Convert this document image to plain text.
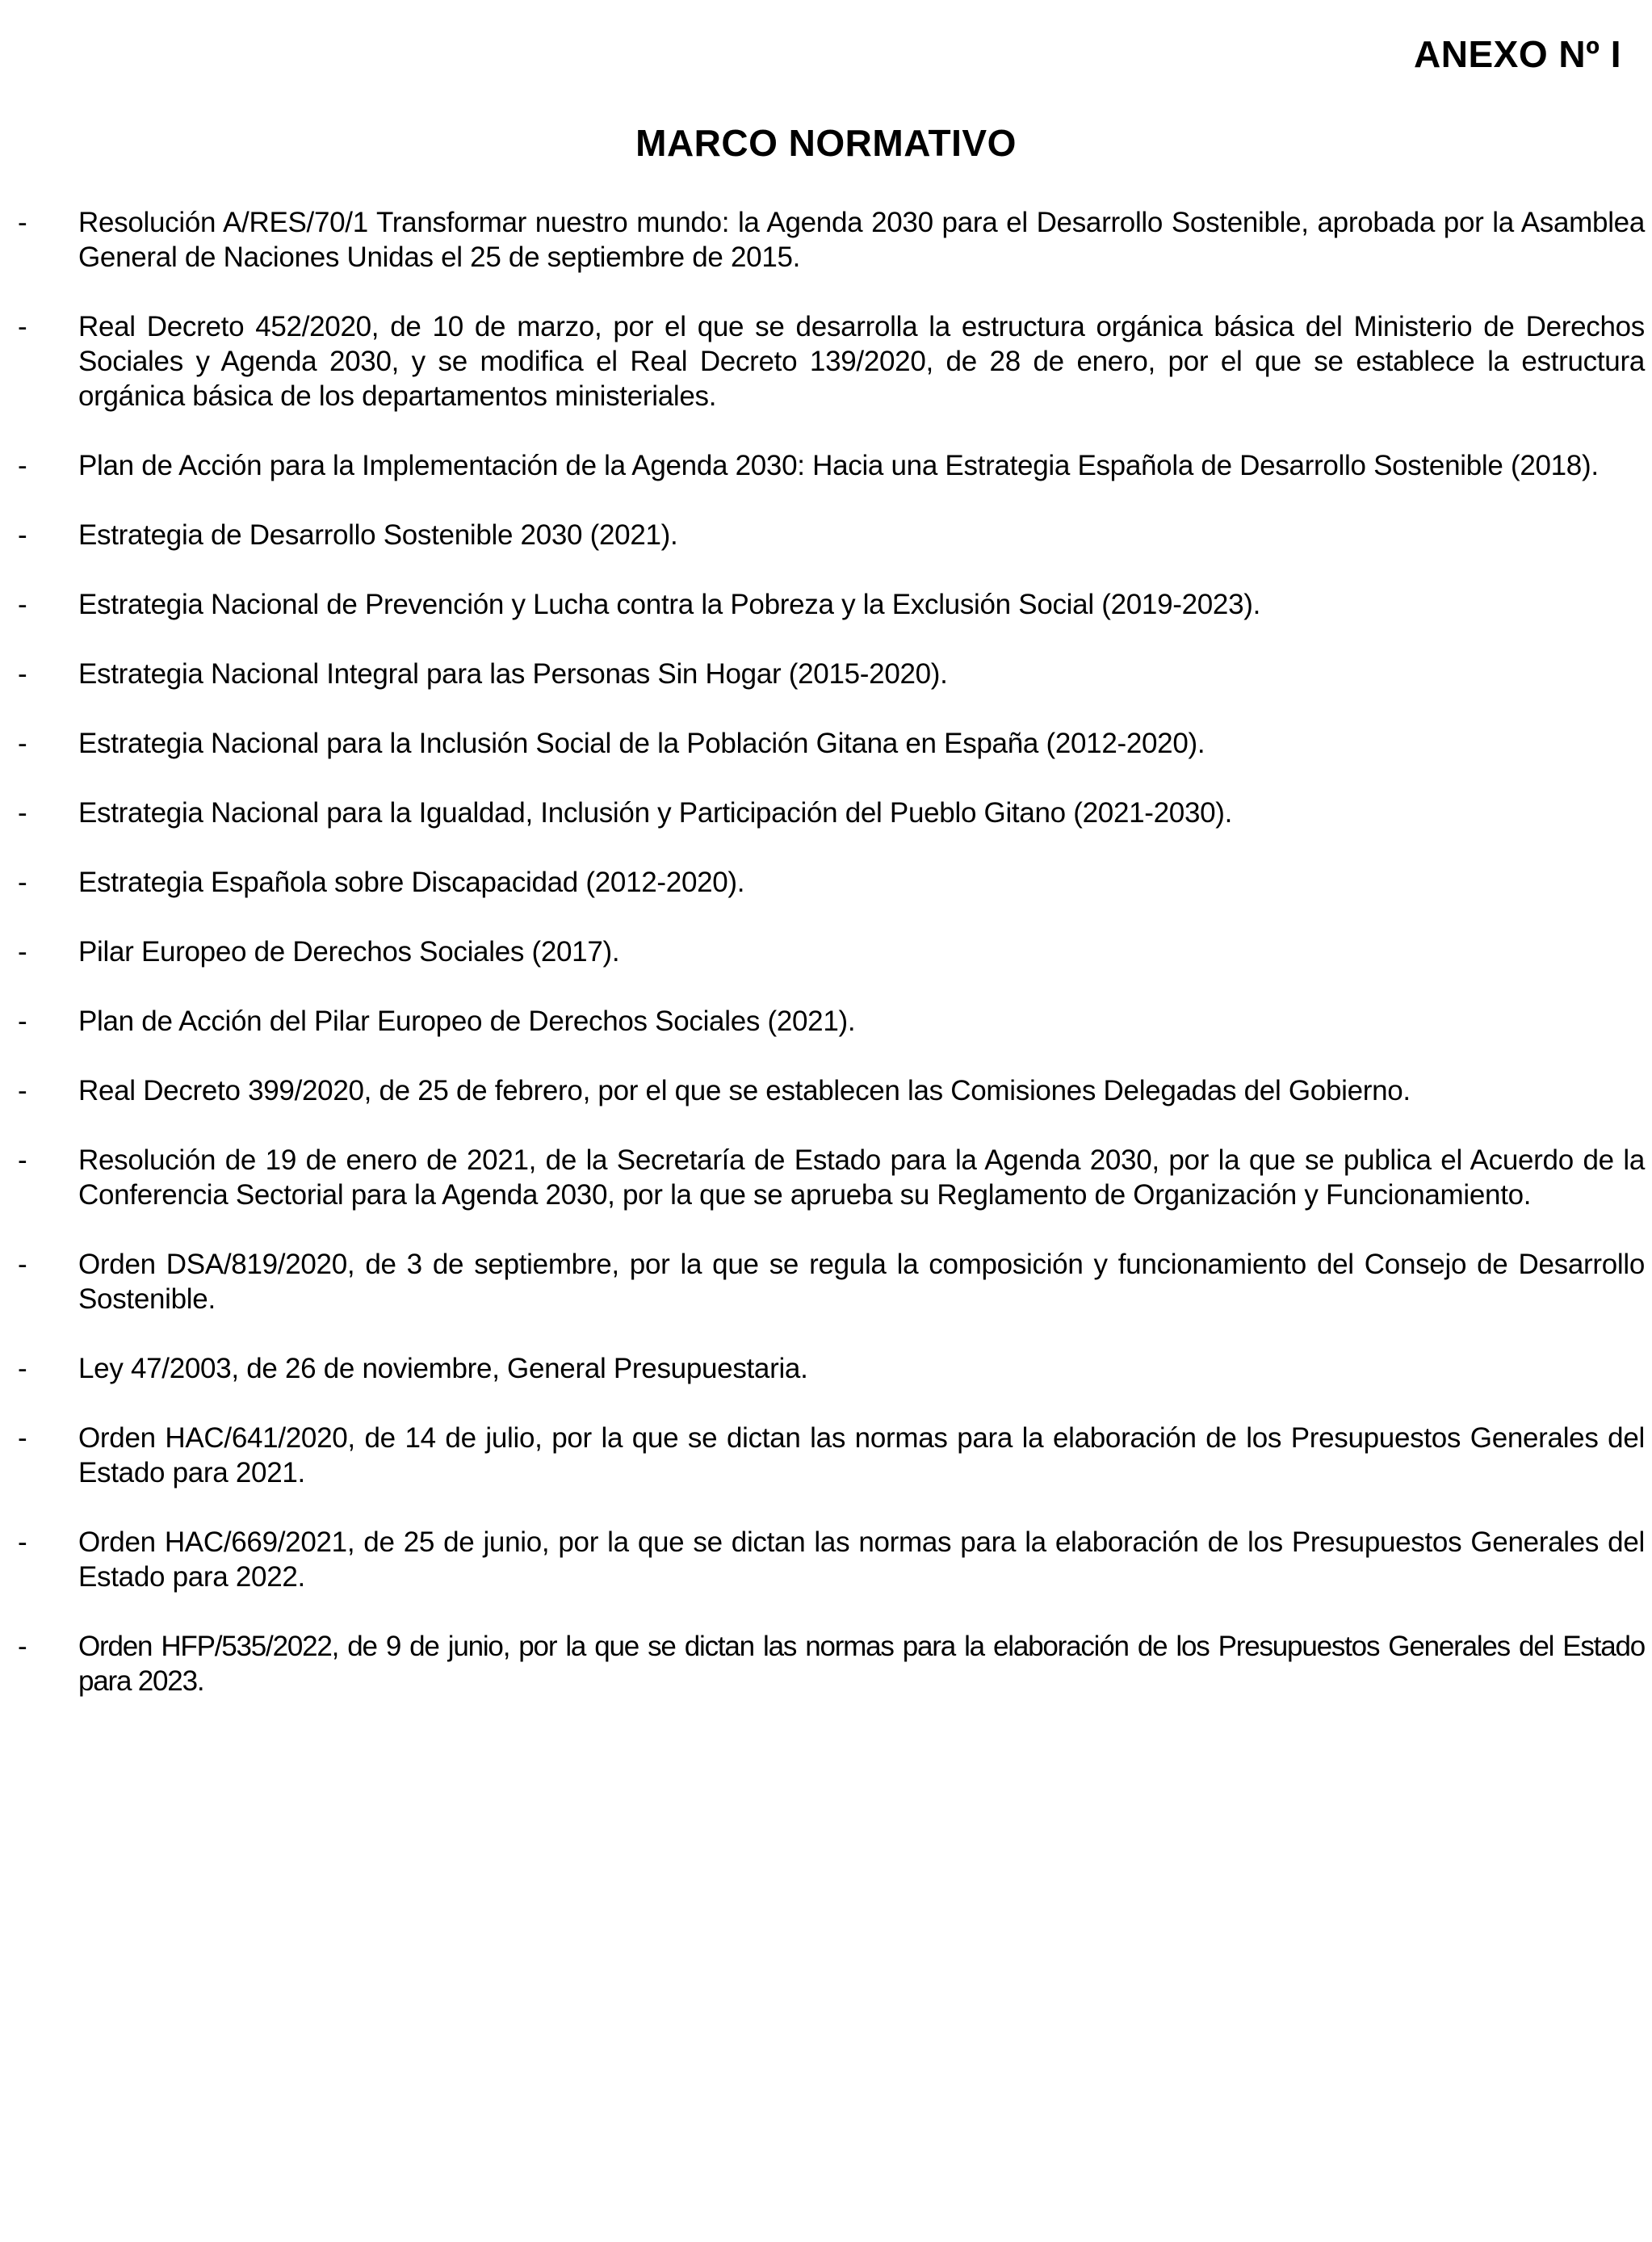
ANEXO Nº I
MARCO NORMATIVO
-	Resolución A/RES/70/1 Transformar nuestro mundo: la Agenda 2030 para el Desarrollo Sostenible, aprobada por la Asamblea General de Naciones Unidas el 25 de septiembre de 2015.
-	Real Decreto 452/2020, de 10 de marzo, por el que se desarrolla la estructura orgánica básica del Ministerio de Derechos Sociales y Agenda 2030, y se modifica el Real Decreto 139/2020, de 28 de enero, por el que se establece la estructura orgánica básica de los departamentos ministeriales.
-	Plan de Acción para la Implementación de la Agenda 2030: Hacia una Estrategia Española de Desarrollo Sostenible (2018).
-	Estrategia de Desarrollo Sostenible 2030 (2021).
-	Estrategia Nacional de Prevención y Lucha contra la Pobreza y la Exclusión Social (2019-2023).
-	Estrategia Nacional Integral para las Personas Sin Hogar (2015-2020).
-	Estrategia Nacional para la Inclusión Social de la Población Gitana en España (2012-2020).
-	Estrategia Nacional para la Igualdad, Inclusión y Participación del Pueblo Gitano (2021-2030).
-	Estrategia Española sobre Discapacidad (2012-2020).
-	Pilar Europeo de Derechos Sociales (2017).
-	Plan de Acción del Pilar Europeo de Derechos Sociales (2021).
-	Real Decreto 399/2020, de 25 de febrero, por el que se establecen las Comisiones Delegadas del Gobierno.
-	Resolución de 19 de enero de 2021, de la Secretaría de Estado para la Agenda 2030, por la que se publica el Acuerdo de la Conferencia Sectorial para la Agenda 2030, por la que se aprueba su Reglamento de Organización y Funcionamiento.
-	Orden DSA/819/2020, de 3 de septiembre, por la que se regula la composición y funcionamiento del Consejo de Desarrollo Sostenible.
-	Ley 47/2003, de 26 de noviembre, General Presupuestaria.
-	Orden HAC/641/2020, de 14 de julio, por la que se dictan las normas para la elaboración de los Presupuestos Generales del Estado para 2021.
-	Orden HAC/669/2021, de 25 de junio, por la que se dictan las normas para la elaboración de los Presupuestos Generales del Estado para 2022.
-	Orden HFP/535/2022, de 9 de junio, por la que se dictan las normas para la elaboración de los Presupuestos Generales del Estado para 2023.
